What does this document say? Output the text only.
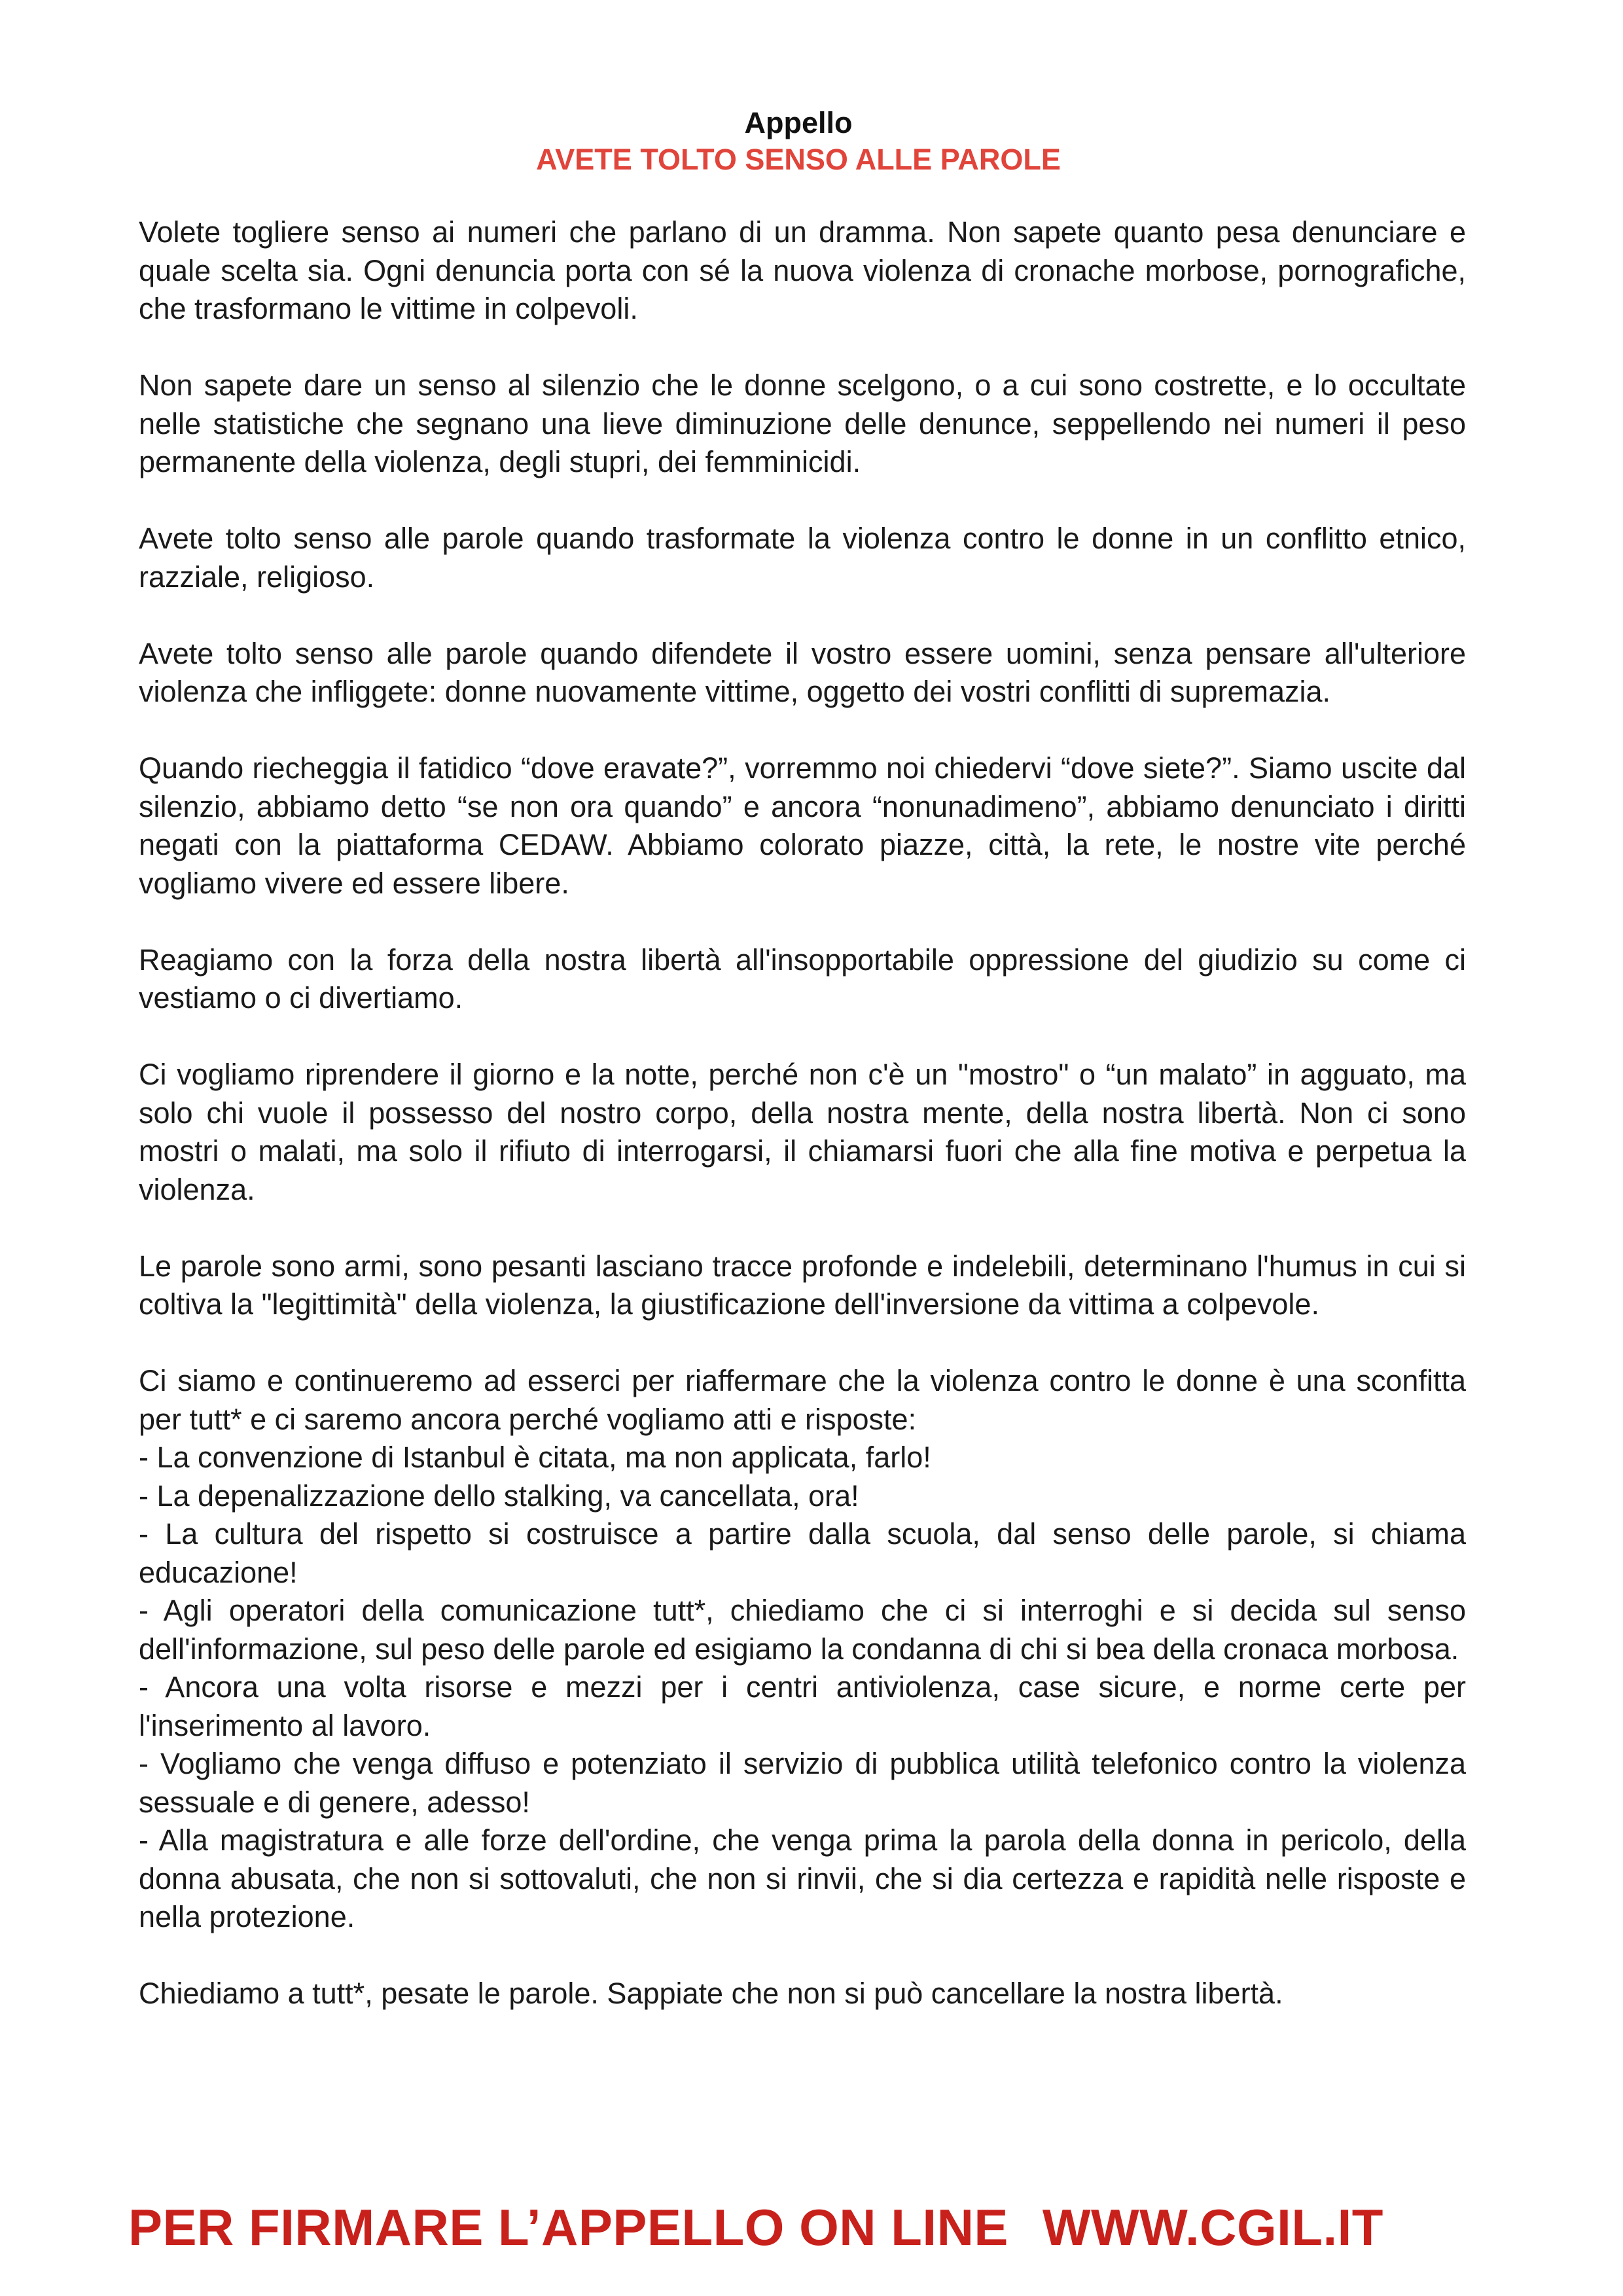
Appello
AVETE TOLTO SENSO ALLE PAROLE

Volete togliere senso ai numeri che parlano di un dramma. Non sapete quanto pesa denunciare e quale scelta sia. Ogni denuncia porta con sé la nuova violenza di cronache morbose, pornografiche, che trasformano le vittime in colpevoli.

Non sapete dare un senso al silenzio che le donne scelgono, o a cui sono costrette, e lo occultate nelle statistiche che segnano una lieve diminuzione delle denunce, seppellendo nei numeri il peso permanente della violenza, degli stupri, dei femminicidi.

Avete tolto senso alle parole quando trasformate la violenza contro le donne in un conflitto etnico, razziale, religioso.

Avete tolto senso alle parole quando difendete il vostro essere uomini, senza pensare all'ulteriore violenza che infliggete: donne nuovamente vittime, oggetto dei vostri conflitti di supremazia.

Quando riecheggia il fatidico “dove eravate?”, vorremmo noi chiedervi “dove siete?”. Siamo uscite dal silenzio, abbiamo detto “se non ora quando” e ancora “nonunadimeno”, abbiamo denunciato i diritti negati con la piattaforma CEDAW. Abbiamo colorato piazze, città, la rete, le nostre vite perché vogliamo vivere ed essere libere.

Reagiamo con la forza della nostra libertà all'insopportabile oppressione del giudizio su come ci vestiamo o ci divertiamo.

Ci vogliamo riprendere il giorno e la notte, perché non c'è un "mostro" o “un malato” in agguato, ma solo chi vuole il possesso del nostro corpo, della nostra mente, della nostra libertà. Non ci sono mostri o malati, ma solo il rifiuto di interrogarsi, il chiamarsi fuori che alla fine motiva e perpetua la violenza.

Le parole sono armi, sono pesanti lasciano tracce profonde e indelebili, determinano l'humus in cui si coltiva la "legittimità" della violenza, la giustificazione dell'inversione da vittima a colpevole.

Ci siamo e continueremo ad esserci per riaffermare che la violenza contro le donne è una sconfitta per tutt* e ci saremo ancora perché vogliamo atti e risposte:

- La convenzione di Istanbul è citata, ma non applicata, farlo!
- La depenalizzazione dello stalking, va cancellata, ora!
- La cultura del rispetto si costruisce a partire dalla scuola, dal senso delle parole, si chiama educazione!
- Agli operatori della comunicazione tutt*, chiediamo che ci si interroghi e si decida sul senso dell'informazione, sul peso delle parole ed esigiamo la condanna di chi si bea della cronaca morbosa.
- Ancora una volta risorse e mezzi per i centri antiviolenza, case sicure, e norme certe per l'inserimento al lavoro.
- Vogliamo che venga diffuso e potenziato il servizio di pubblica utilità telefonico contro la violenza sessuale e di genere, adesso!
- Alla magistratura e alle forze dell'ordine, che venga prima la parola della donna in pericolo, della donna abusata, che non si sottovaluti, che non si rinvii, che si dia certezza e rapidità nelle risposte e nella protezione.

Chiediamo a tutt*, pesate le parole. Sappiate che non si può cancellare la nostra libertà.

PER FIRMARE L’APPELLO ON LINE WWW.CGIL.IT
